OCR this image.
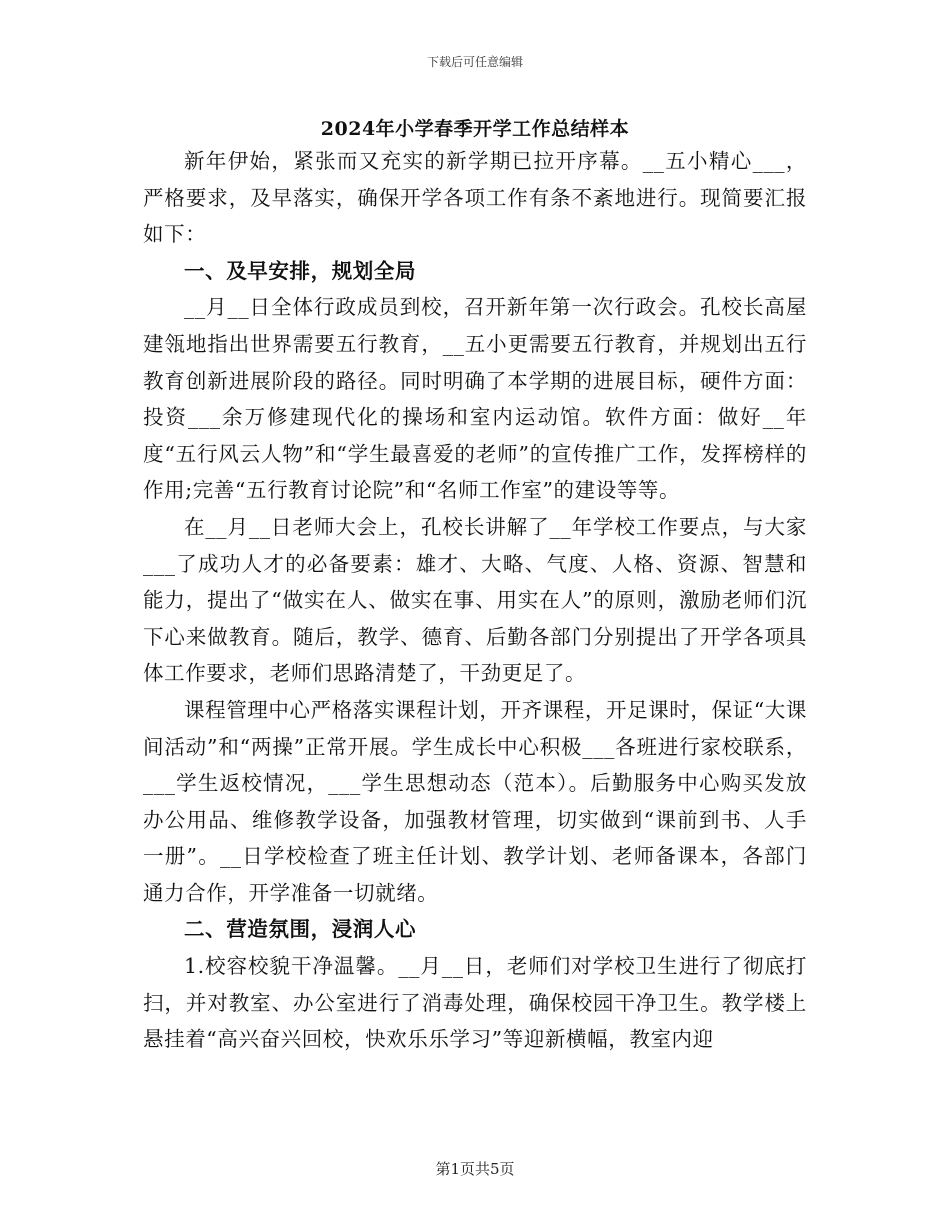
下载后可任意编辑
2024年小学春季开学工作总结样本

新年伊始，紧张而又充实的新学期已拉开序幕。__五小精心___，严格要求，及早落实，确保开学各项工作有条不紊地进行。现简要汇报如下：

一、及早安排，规划全局

__月__日全体行政成员到校，召开新年第一次行政会。孔校长高屋建瓴地指出世界需要五行教育，__五小更需要五行教育，并规划出五行教育创新进展阶段的路径。同时明确了本学期的进展目标，硬件方面：投资___余万修建现代化的操场和室内运动馆。软件方面：做好__年度“五行风云人物”和“学生最喜爱的老师”的宣传推广工作，发挥榜样的作用;完善“五行教育讨论院”和“名师工作室”的建设等等。

在__月__日老师大会上，孔校长讲解了__年学校工作要点，与大家___了成功人才的必备要素：雄才、大略、气度、人格、资源、智慧和能力，提出了“做实在人、做实在事、用实在人”的原则，激励老师们沉下心来做教育。随后，教学、德育、后勤各部门分别提出了开学各项具体工作要求，老师们思路清楚了，干劲更足了。

课程管理中心严格落实课程计划，开齐课程，开足课时，保证“大课间活动”和“两操”正常开展。学生成长中心积极___各班进行家校联系，___学生返校情况，___学生思想动态（范本）。后勤服务中心购买发放办公用品、维修教学设备，加强教材管理，切实做到“课前到书、人手一册”。__日学校检查了班主任计划、教学计划、老师备课本，各部门通力合作，开学准备一切就绪。

二、营造氛围，浸润人心

1.校容校貌干净温馨。__月__日，老师们对学校卫生进行了彻底打扫，并对教室、办公室进行了消毒处理，确保校园干净卫生。教学楼上悬挂着“高兴奋兴回校，快欢乐乐学习”等迎新横幅，教室内迎

第1页共5页
